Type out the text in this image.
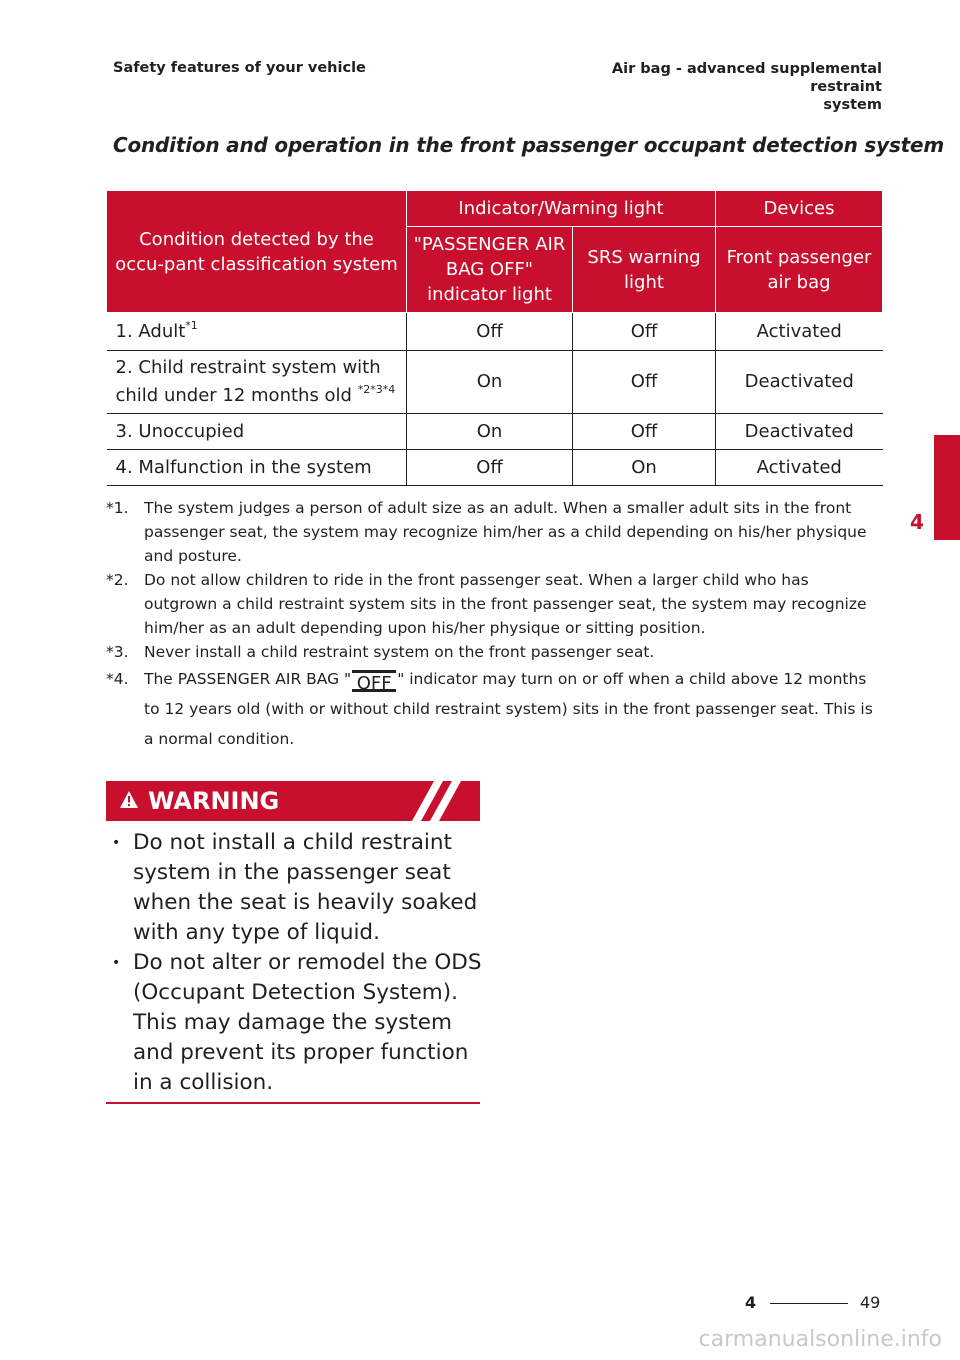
Safety features of your vehicle	Air bag - advanced supplemental restraint
system
Condition and operation in the front passenger occupant detection system
Condition detected by the occu-pant classification system	Indicator/Warning light		Devices
	"PASSENGER AIR BAG OFF" indicator light	SRS warning light	Front passenger air bag
1. Adult$^{*1}$	Off	Off	Activated
2. Child restraint system with child under 12 months old $^{*2*3*4}$	On	Off	Deactivated
3. Unoccupied	On	Off	Deactivated
4. Malfunction in the system	Off	On	Activated
*1. The system judges a person of adult size as an adult. When a smaller adult sits in the front passenger seat, the system may recognize him/her as a child depending on his/her physique and posture.
*2. Do not allow children to ride in the front passenger seat. When a larger child who has outgrown a child restraint system sits in the front passenger seat, the system may recognize him/her as an adult depending upon his/her physique or sitting position.
*3. Never install a child restraint system on the front passenger seat.
*4. The PASSENGER AIR BAG " OFF " indicator may turn on or off when a child above 12 months to 12 years old (with or without child restraint system) sits in the front passenger seat. This is a normal condition.
WARNING
• Do not install a child restraint system in the passenger seat when the seat is heavily soaked with any type of liquid.
• Do not alter or remodel the ODS (Occupant Detection System). This may damage the system and prevent its proper function in a collision.
4
4	49
carmanualsonline.info
